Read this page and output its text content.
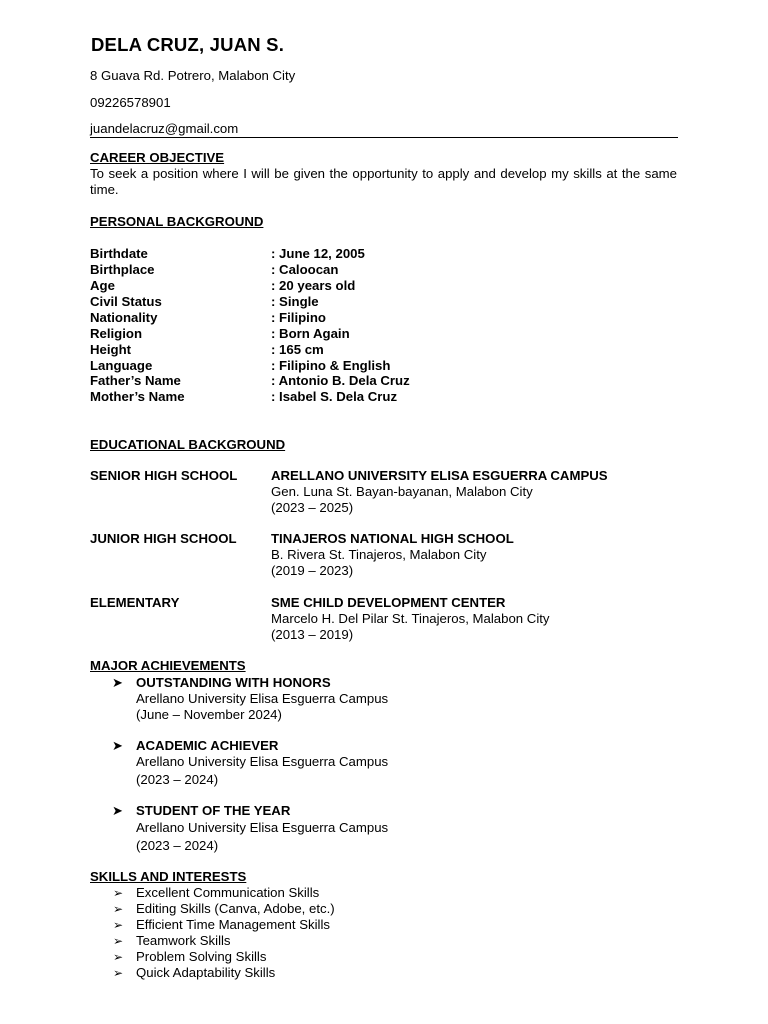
DELA CRUZ, JUAN S.
8 Guava Rd. Potrero, Malabon City
09226578901
juandelacruz@gmail.com
CAREER OBJECTIVE
To seek a position where I will be given the opportunity to apply and develop my skills at the same time.
PERSONAL BACKGROUND
Birthdate	: June 12, 2005
Birthplace	: Caloocan
Age	: 20 years old
Civil Status	: Single
Nationality	: Filipino
Religion	: Born Again
Height	: 165 cm
Language	: Filipino & English
Father’s Name	: Antonio B. Dela Cruz
Mother’s Name	: Isabel S. Dela Cruz
EDUCATIONAL BACKGROUND
SENIOR HIGH SCHOOL	ARELLANO UNIVERSITY ELISA ESGUERRA CAMPUS
Gen. Luna St. Bayan-bayanan, Malabon City
(2023 – 2025)
JUNIOR HIGH SCHOOL	TINAJEROS NATIONAL HIGH SCHOOL
B. Rivera St. Tinajeros, Malabon City
(2019 – 2023)
ELEMENTARY	SME CHILD DEVELOPMENT CENTER
Marcelo H. Del Pilar St. Tinajeros, Malabon City
(2013 – 2019)
MAJOR ACHIEVEMENTS
➤ OUTSTANDING WITH HONORS
Arellano University Elisa Esguerra Campus
(June – November 2024)
➤ ACADEMIC ACHIEVER
Arellano University Elisa Esguerra Campus
(2023 – 2024)
➤ STUDENT OF THE YEAR
Arellano University Elisa Esguerra Campus
(2023 – 2024)
SKILLS AND INTERESTS
➢ Excellent Communication Skills
➢ Editing Skills (Canva, Adobe, etc.)
➢ Efficient Time Management Skills
➢ Teamwork Skills
➢ Problem Solving Skills
➢ Quick Adaptability Skills
